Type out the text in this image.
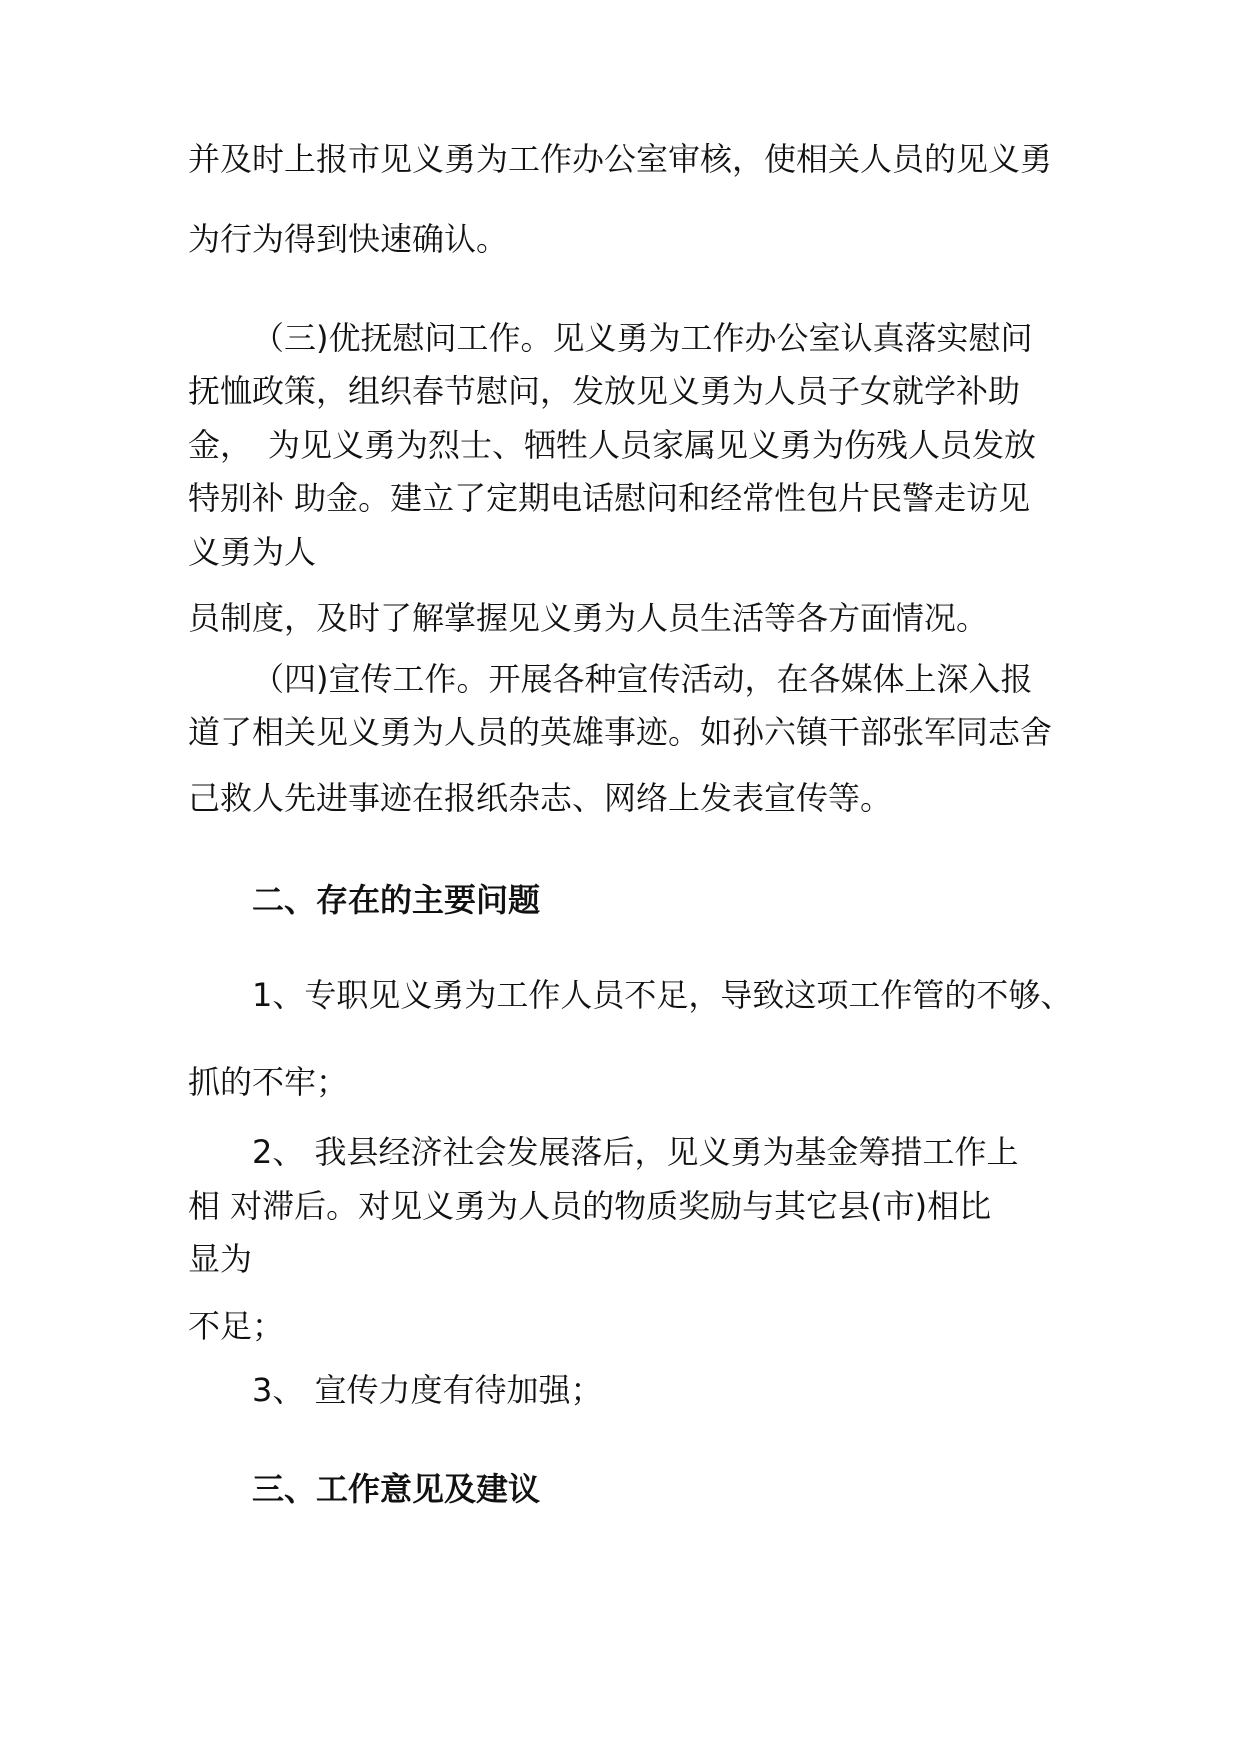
并及时上报市见义勇为工作办公室审核，使相关人员的见义勇
为行为得到快速确认。
（三)优抚慰问工作。见义勇为工作办公室认真落实慰问
抚恤政策，组织春节慰问，发放见义勇为人员子女就学补助
金，　为见义勇为烈士、牺牲人员家属见义勇为伤残人员发放
特别补 助金。建立了定期电话慰问和经常性包片民警走访见
义勇为人
员制度，及时了解掌握见义勇为人员生活等各方面情况。
（四)宣传工作。开展各种宣传活动，在各媒体上深入报
道了相关见义勇为人员的英雄事迹。如孙六镇干部张军同志舍
己救人先进事迹在报纸杂志、网络上发表宣传等。
二、存在的主要问题
1、专职见义勇为工作人员不足，导致这项工作管的不够、
抓的不牢；
2、 我县经济社会发展落后，见义勇为基金筹措工作上
相 对滞后。对见义勇为人员的物质奖励与其它县(市)相比
显为
不足；
3、 宣传力度有待加强；
三、工作意见及建议
